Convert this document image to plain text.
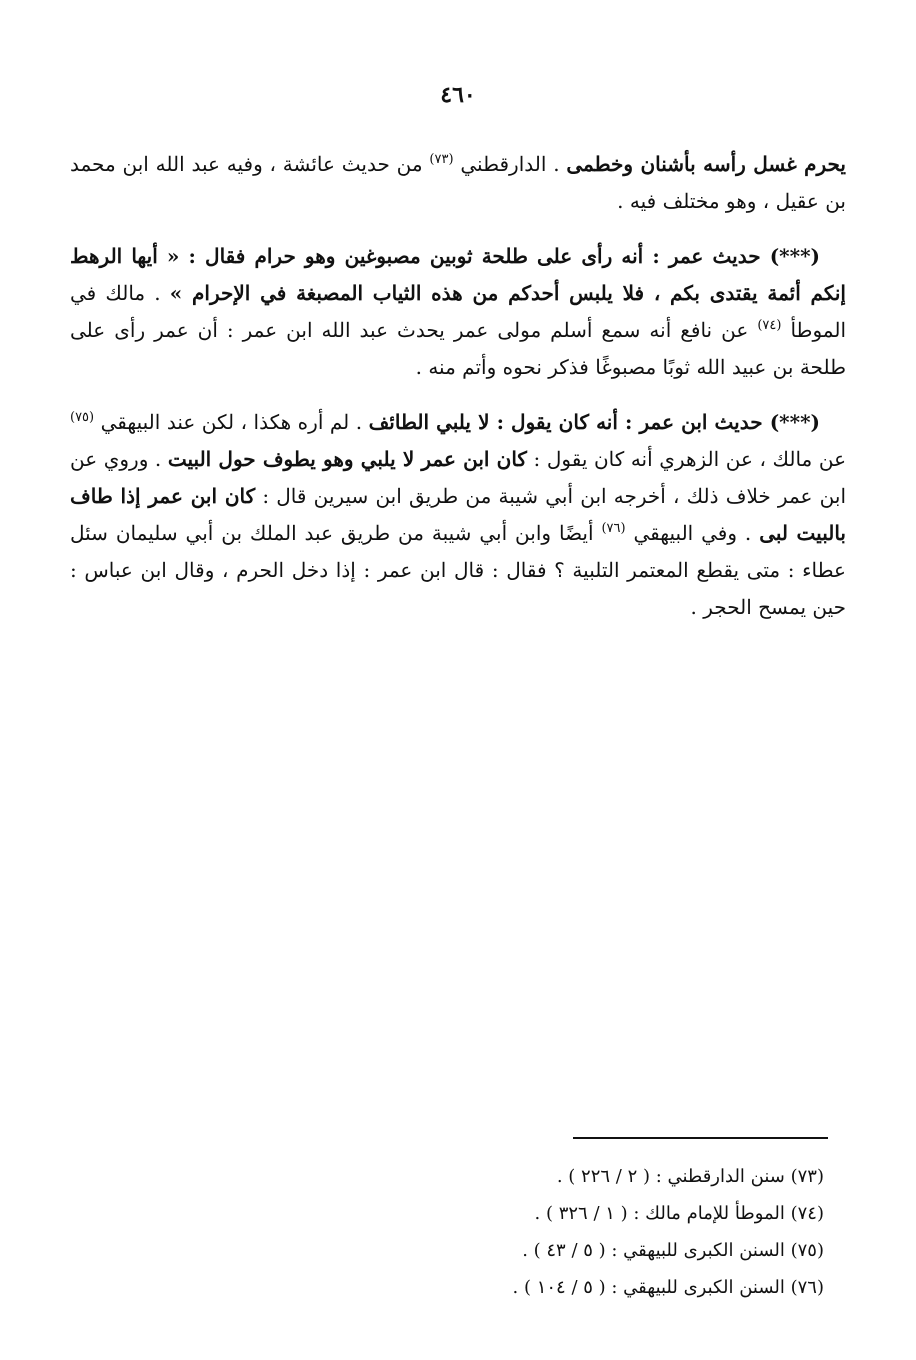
٤٦٠

يحرم غسل رأسه بأشنان وخطمى . الدارقطني $^{(٧٣)}$ من حديث عائشة ، وفيه عبد الله ابن محمد بن عقيل ، وهو مختلف فيه .

(***) حديث عمر : أنه رأى على طلحة ثوبين مصبوغين وهو حرام فقال : « أيها الرهط إنكم أئمة يقتدى بكم ، فلا يلبس أحدكم من هذه الثياب المصبغة في الإحرام » . مالك في الموطأ $^{(٧٤)}$ عن نافع أنه سمع أسلم مولى عمر يحدث عبد الله ابن عمر : أن عمر رأى على طلحة بن عبيد الله ثوبًا مصبوغًا فذكر نحوه وأتم منه .

(***) حديث ابن عمر : أنه كان يقول : لا يلبي الطائف . لم أره هكذا ، لكن عند البيهقي $^{(٧٥)}$ عن مالك ، عن الزهري أنه كان يقول : كان ابن عمر لا يلبي وهو يطوف حول البيت . وروي عن ابن عمر خلاف ذلك ، أخرجه ابن أبي شيبة من طريق ابن سيرين قال : كان ابن عمر إذا طاف بالبيت لبى . وفي البيهقي $^{(٧٦)}$ أيضًا وابن أبي شيبة من طريق عبد الملك بن أبي سليمان سئل عطاء : متى يقطع المعتمر التلبية ؟ فقال : قال ابن عمر : إذا دخل الحرم ، وقال ابن عباس : حين يمسح الحجر .

(٧٣) سنن الدارقطني : ( ٢ / ٢٢٦ ) .
(٧٤) الموطأ للإمام مالك : ( ١ / ٣٢٦ ) .
(٧٥) السنن الكبرى للبيهقي : ( ٥ / ٤٣ ) .
(٧٦) السنن الكبرى للبيهقي : ( ٥ / ١٠٤ ) .
